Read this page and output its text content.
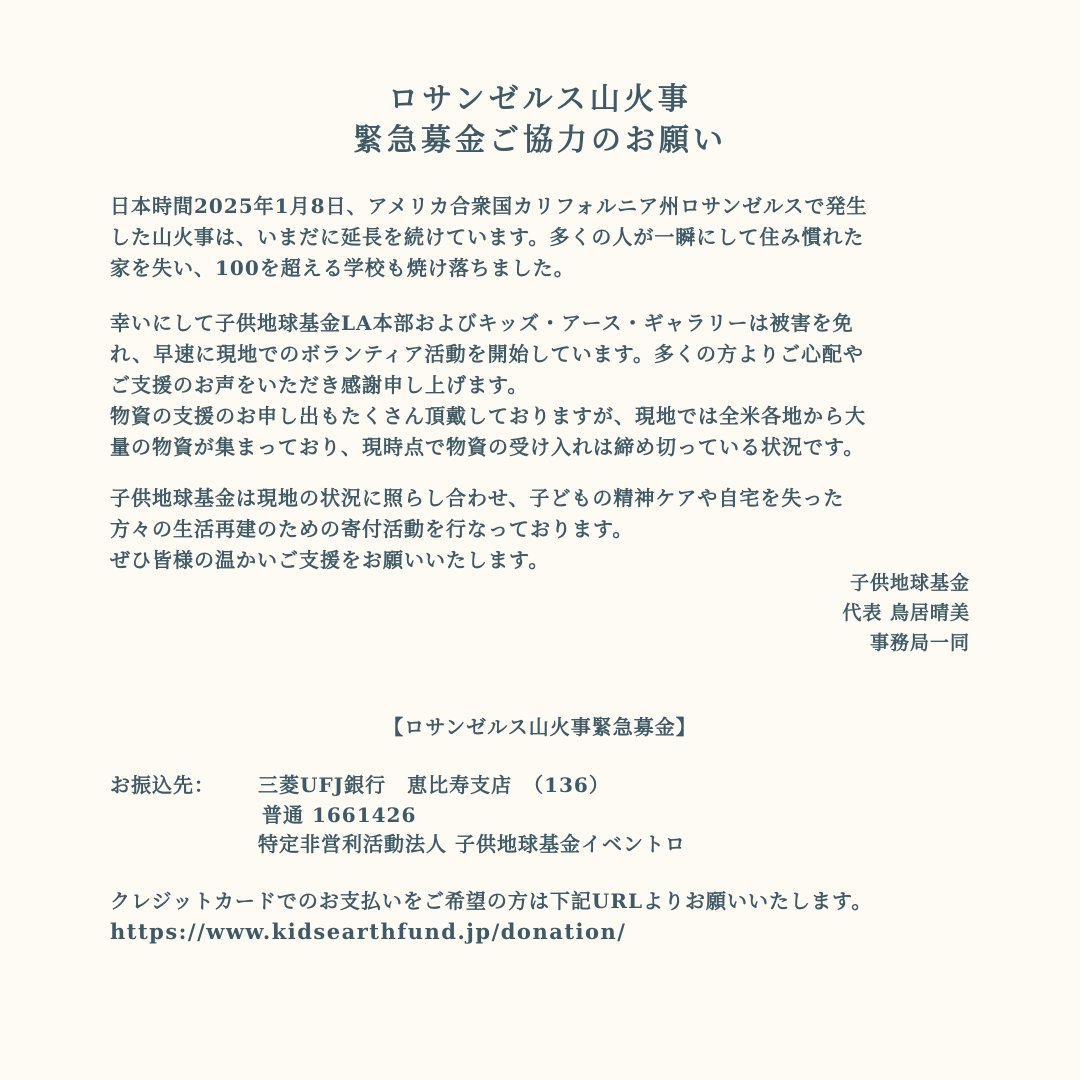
ロサンゼルス山火事
緊急募金ご協力のお願い
日本時間2025年1月8日、アメリカ合衆国カリフォルニア州ロサンゼルスで発生
した山火事は、いまだに延長を続けています。多くの人が一瞬にして住み慣れた
家を失い、100を超える学校も焼け落ちました。
幸いにして子供地球基金LA本部およびキッズ・アース・ギャラリーは被害を免
れ、早速に現地でのボランティア活動を開始しています。多くの方よりご心配や
ご支援のお声をいただき感謝申し上げます。
物資の支援のお申し出もたくさん頂戴しておりますが、現地では全米各地から大
量の物資が集まっており、現時点で物資の受け入れは締め切っている状況です。
子供地球基金は現地の状況に照らし合わせ、子どもの精神ケアや自宅を失った
方々の生活再建のための寄付活動を行なっております。
ぜひ皆様の温かいご支援をお願いいたします。
子供地球基金
代表 鳥居晴美
事務局一同
【ロサンゼルス山火事緊急募金】
お振込先： 三菱UFJ銀行　恵比寿支店　（136）
普通 1661426
特定非営利活動法人 子供地球基金イベントロ
クレジットカードでのお支払いをご希望の方は下記URLよりお願いいたします。
https://www.kidsearthfund.jp/donation/
